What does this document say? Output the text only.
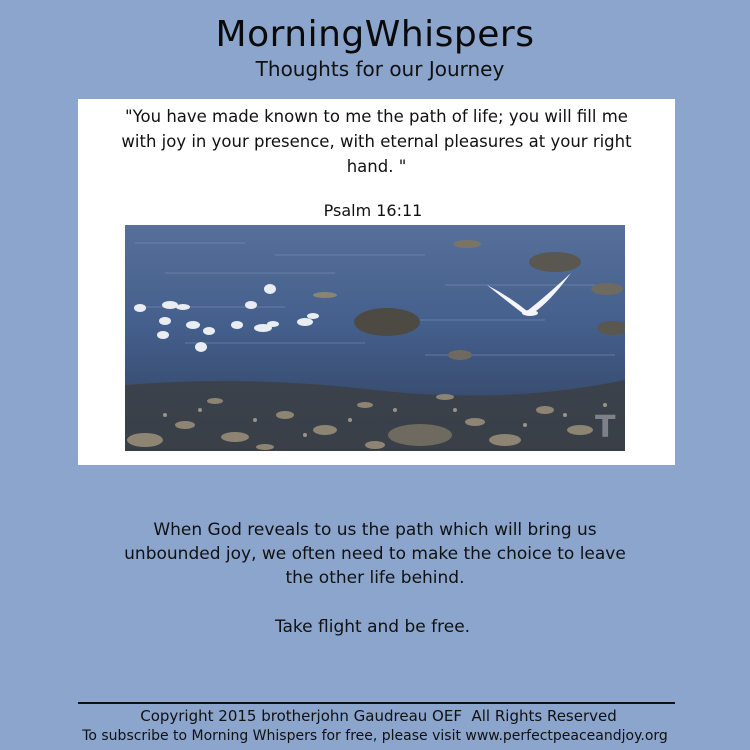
MorningWhispers
Thoughts for our Journey
"You have made known to me the path of life; you will fill me
with joy in your presence, with eternal pleasures at your right
hand. "
Psalm 16:11
T
When God reveals to us the path which will bring us
unbounded joy, we often need to make the choice to leave
the other life behind.
Take flight and be free.
Copyright 2015 brotherjohn Gaudreau OEF  All Rights Reserved
To subscribe to Morning Whispers for free, please visit www.perfectpeaceandjoy.org
